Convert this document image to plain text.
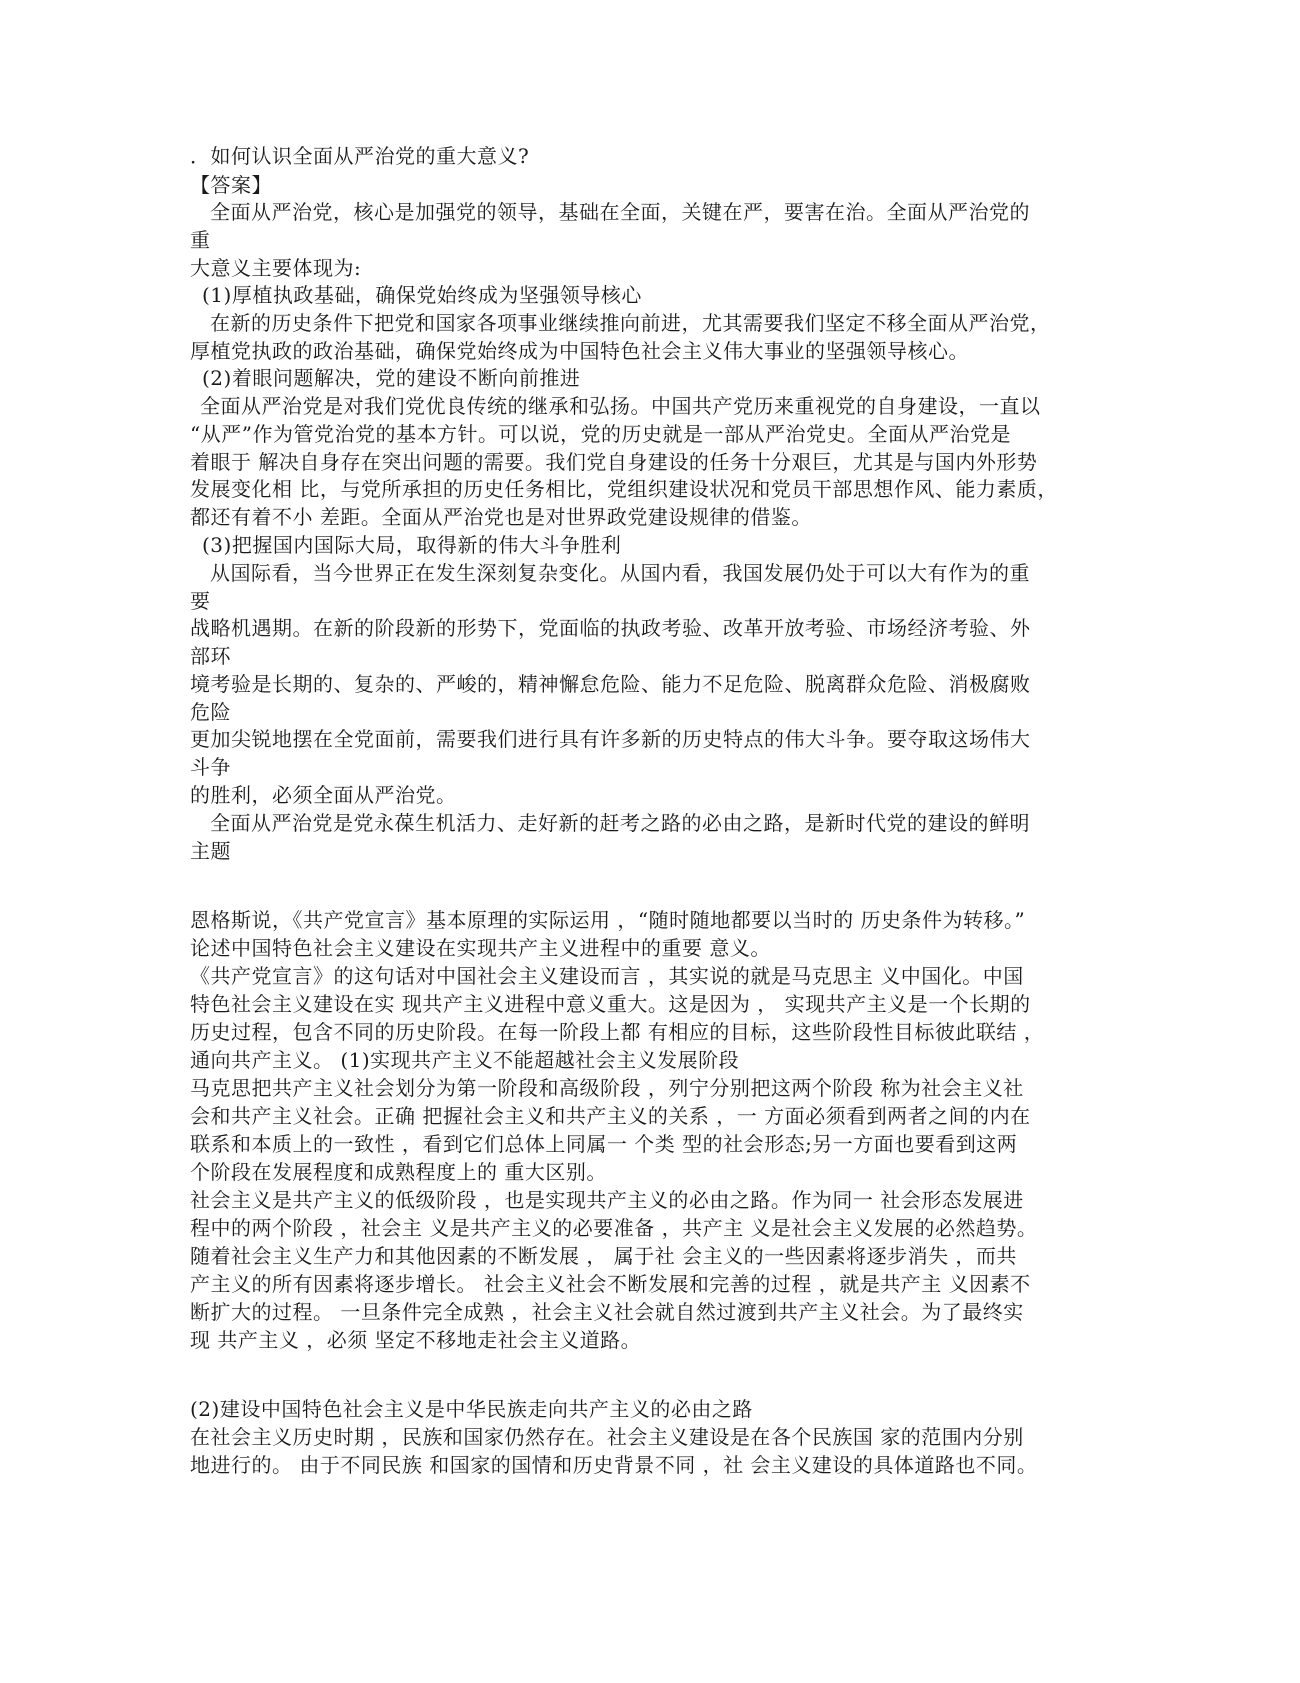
．如何认识全面从严治党的重大意义?
【答案】
全面从严治党，核心是加强党的领导，基础在全面，关键在严，要害在治。全面从严治党的
重
大意义主要体现为:
(1)厚植执政基础，确保党始终成为坚强领导核心
在新的历史条件下把党和国家各项事业继续推向前进，尤其需要我们坚定不移全面从严治党，
厚植党执政的政治基础，确保党始终成为中国特色社会主义伟大事业的坚强领导核心。
(2)着眼问题解决，党的建设不断向前推进
全面从严治党是对我们党优良传统的继承和弘扬。中国共产党历来重视党的自身建设，一直以
“从严”作为管党治党的基本方针。可以说，党的历史就是一部从严治党史。全面从严治党是
着眼于 解决自身存在突出问题的需要。我们党自身建设的任务十分艰巨，尤其是与国内外形势
发展变化相 比，与党所承担的历史任务相比，党组织建设状况和党员干部思想作风、能力素质，
都还有着不小 差距。全面从严治党也是对世界政党建设规律的借鉴。
(3)把握国内国际大局，取得新的伟大斗争胜利
从国际看，当今世界正在发生深刻复杂变化。从国内看，我国发展仍处于可以大有作为的重
要
战略机遇期。在新的阶段新的形势下，党面临的执政考验、改革开放考验、市场经济考验、外
部环
境考验是长期的、复杂的、严峻的，精神懈怠危险、能力不足危险、脱离群众危险、消极腐败
危险
更加尖锐地摆在全党面前，需要我们进行具有许多新的历史特点的伟大斗争。要夺取这场伟大
斗争
的胜利，必须全面从严治党。
全面从严治党是党永葆生机活力、走好新的赶考之路的必由之路，是新时代党的建设的鲜明
主题
恩格斯说，《共产党宣言》基本原理的实际运用 ，“随时随地都要以当时的 历史条件为转移。”
论述中国特色社会主义建设在实现共产主义进程中的重要 意义。
《共产党宣言》的这句话对中国社会主义建设而言 ，其实说的就是马克思主 义中国化。中国
特色社会主义建设在实 现共产主义进程中意义重大。这是因为 ， 实现共产主义是一个长期的
历史过程，包含不同的历史阶段。在每一阶段上都 有相应的目标，这些阶段性目标彼此联结 ，
通向共产主义。 (1)实现共产主义不能超越社会主义发展阶段
马克思把共产主义社会划分为第一阶段和高级阶段 ，列宁分别把这两个阶段 称为社会主义社
会和共产主义社会。正确 把握社会主义和共产主义的关系 ，一 方面必须看到两者之间的内在
联系和本质上的一致性 ，看到它们总体上同属一 个类 型的社会形态;另一方面也要看到这两
个阶段在发展程度和成熟程度上的 重大区别。
社会主义是共产主义的低级阶段 ，也是实现共产主义的必由之路。作为同一 社会形态发展进
程中的两个阶段 ，社会主 义是共产主义的必要准备 ，共产主 义是社会主义发展的必然趋势。
随着社会主义生产力和其他因素的不断发展 ， 属于社 会主义的一些因素将逐步消失 ，而共
产主义的所有因素将逐步增长。 社会主义社会不断发展和完善的过程 ，就是共产主 义因素不
断扩大的过程。 一旦条件完全成熟 ，社会主义社会就自然过渡到共产主义社会。为了最终实
现 共产主义 ，必须 坚定不移地走社会主义道路。
(2)建设中国特色社会主义是中华民族走向共产主义的必由之路
在社会主义历史时期 ，民族和国家仍然存在。社会主义建设是在各个民族国 家的范围内分别
地进行的。 由于不同民族 和国家的国情和历史背景不同 ，社 会主义建设的具体道路也不同。
